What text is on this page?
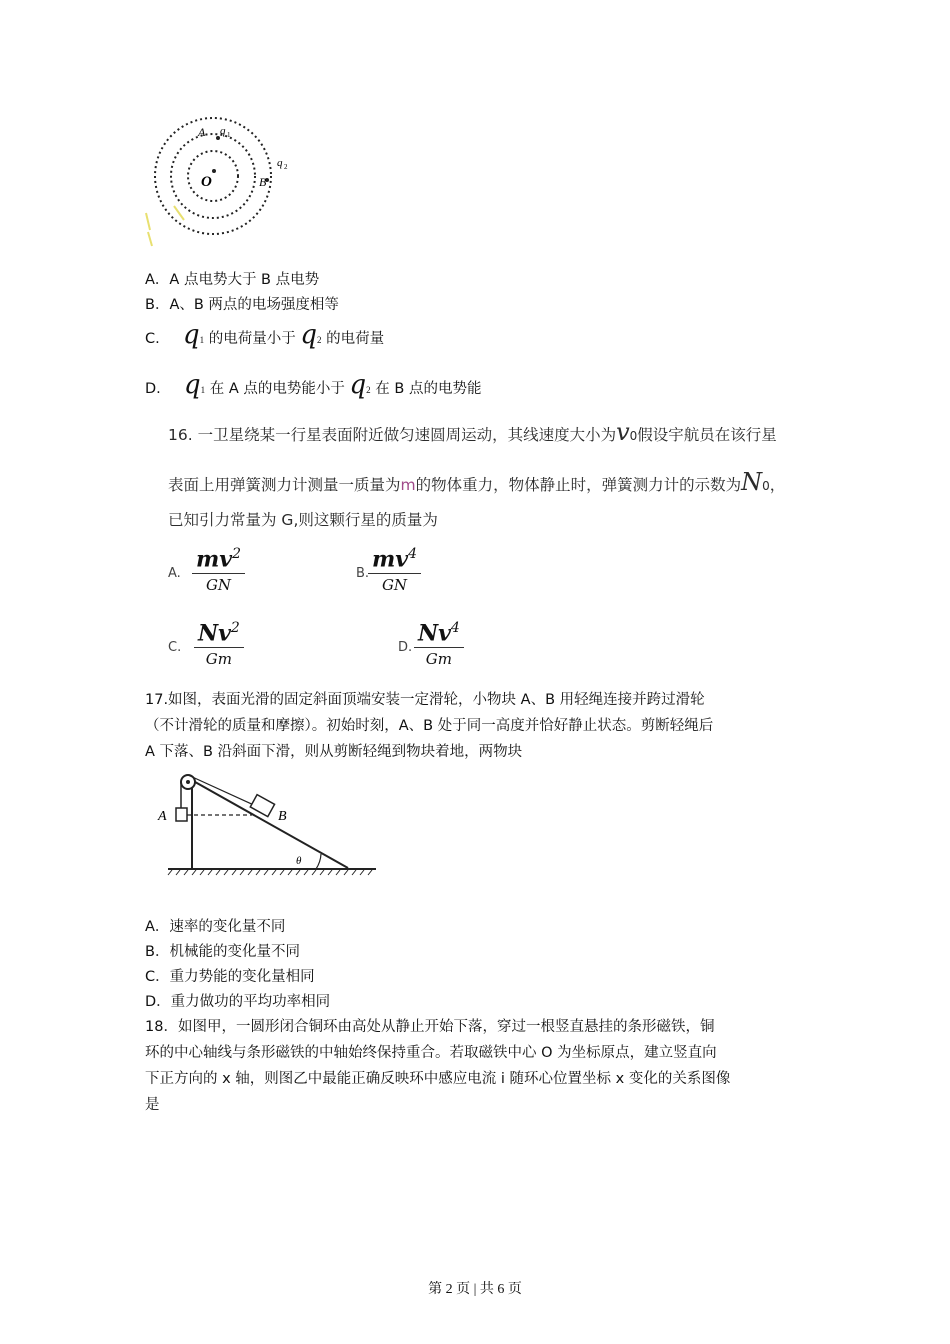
A q 1
q 2
O	B
A．A 点电势大于 B 点电势
B．A、B 两点的电场强度相等
C. q1 的电荷量小于 q2 的电荷量
D. q1 在 A 点的电势能小于 q2 在 B 点的电势能
16. 一卫星绕某一行星表面附近做匀速圆周运动，其线速度大小为v0假设宇航员在该行星
表面上用弹簧测力计测量一质量为m的物体重力，物体静止时，弹簧测力计的示数为N0，
已知引力常量为 G,则这颗行星的质量为
A.
$mv^2$
GN
B.
$mv^4$
GN
C.
Nv$^2$
Gm
D.
Nv$^4$
Gm
17.如图，表面光滑的固定斜面顶端安装一定滑轮，小物块 A、B 用轻绳连接并跨过滑轮
（不计滑轮的质量和摩擦）。初始时刻，A、B 处于同一高度并恰好静止状态。剪断轻绳后
A 下落、B 沿斜面下滑，则从剪断轻绳到物块着地，两物块
A	B
θ
A．速率的变化量不同
B．机械能的变化量不同
C．重力势能的变化量相同
D．重力做功的平均功率相同
18．如图甲，一圆形闭合铜环由高处从静止开始下落，穿过一根竖直悬挂的条形磁铁，铜
环的中心轴线与条形磁铁的中轴始终保持重合。若取磁铁中心 O 为坐标原点，建立竖直向
下正方向的 x 轴，则图乙中最能正确反映环中感应电流 i 随环心位置坐标 x 变化的关系图像
是
第 2 页 | 共 6 页
